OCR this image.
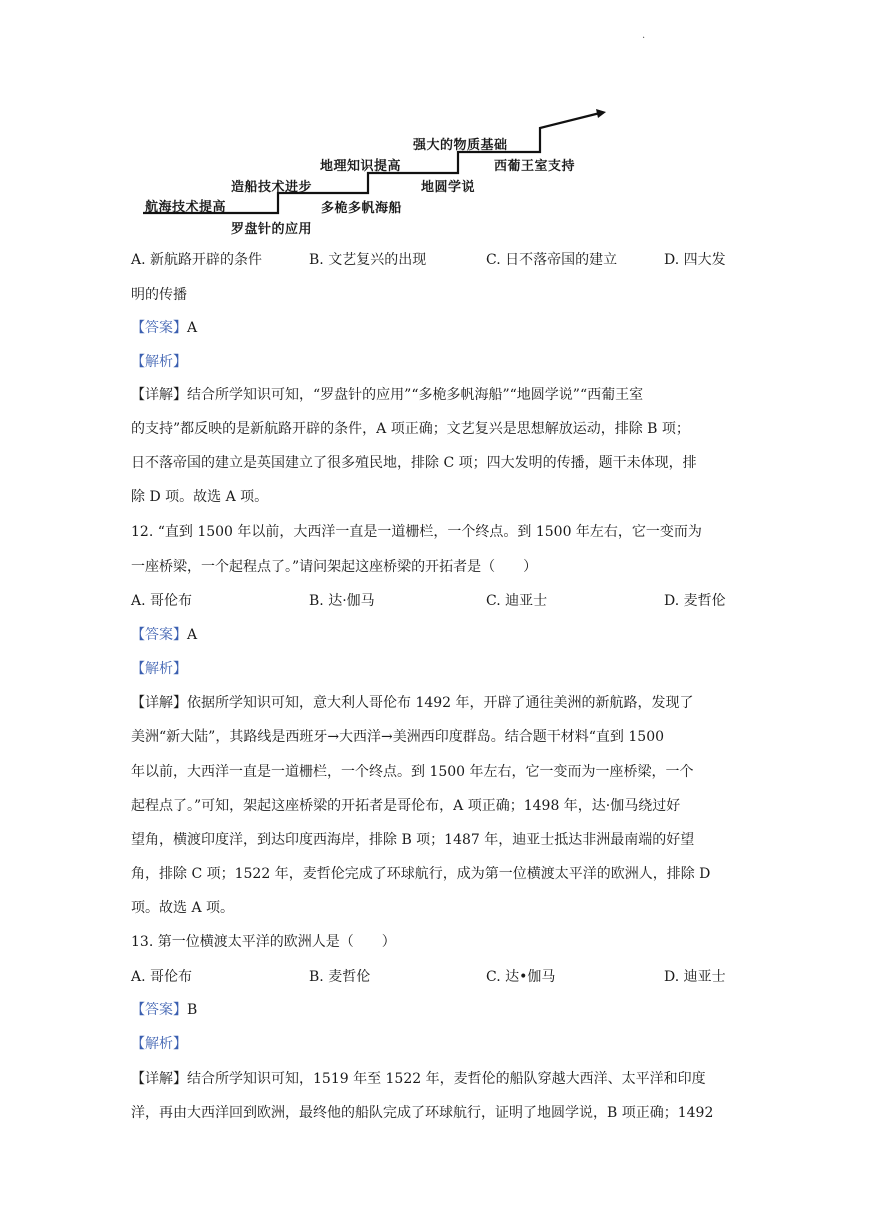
.
航海技术提高
造船技术进步
地理知识提高
强大的物质基础
罗盘针的应用
多桅多帆海船
地圆学说
西葡王室支持
A. 新航路开辟的条件	B. 文艺复兴的出现	C. 日不落帝国的建立	D. 四大发
明的传播
【答案】A
【解析】
【详解】结合所学知识可知，“罗盘针的应用”“多桅多帆海船”“地圆学说”“西葡王室
的支持”都反映的是新航路开辟的条件，A 项正确；文艺复兴是思想解放运动，排除 B 项；
日不落帝国的建立是英国建立了很多殖民地，排除 C 项；四大发明的传播，题干未体现，排
除 D 项。故选 A 项。
12. “直到 1500 年以前，大西洋一直是一道栅栏，一个终点。到 1500 年左右，它一变而为
一座桥梁，一个起程点了。”请问架起这座桥梁的开拓者是（　　）
A. 哥伦布	B. 达·伽马	C. 迪亚士	D. 麦哲伦
【答案】A
【解析】
【详解】依据所学知识可知，意大利人哥伦布 1492 年，开辟了通往美洲的新航路，发现了
美洲“新大陆”，其路线是西班牙→大西洋→美洲西印度群岛。结合题干材料“直到 1500
年以前，大西洋一直是一道栅栏，一个终点。到 1500 年左右，它一变而为一座桥梁，一个
起程点了。”可知，架起这座桥梁的开拓者是哥伦布，A 项正确；1498 年，达·伽马绕过好
望角，横渡印度洋，到达印度西海岸，排除 B 项；1487 年，迪亚士抵达非洲最南端的好望
角，排除 C 项；1522 年，麦哲伦完成了环球航行，成为第一位横渡太平洋的欧洲人，排除 D
项。故选 A 项。
13. 第一位横渡太平洋的欧洲人是（　　）
A. 哥伦布	B. 麦哲伦	C. 达•伽马	D. 迪亚士
【答案】B
【解析】
【详解】结合所学知识可知，1519 年至 1522 年，麦哲伦的船队穿越大西洋、太平洋和印度
洋，再由大西洋回到欧洲，最终他的船队完成了环球航行，证明了地圆学说，B 项正确；1492
